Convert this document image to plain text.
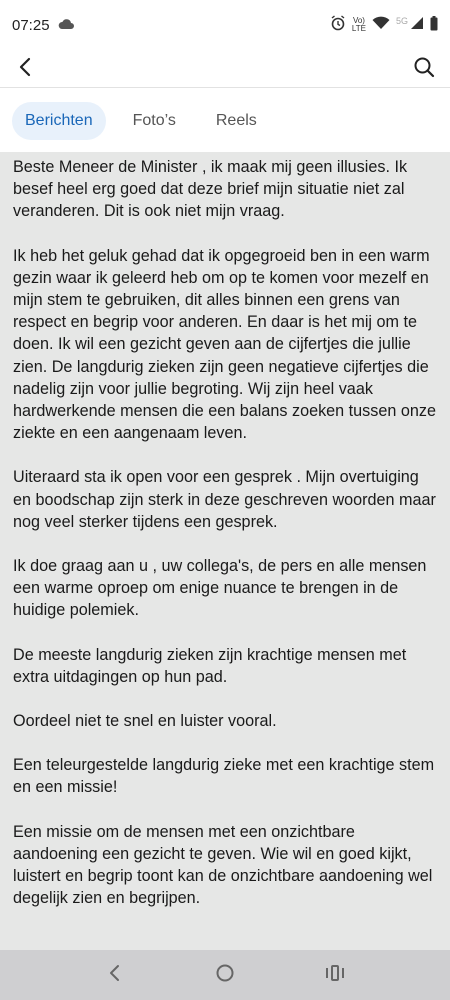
07:25	Vo)
LTE
5G
Berichten	Foto’s	Reels

Beste Meneer de Minister , ik maak mij geen illusies. Ik besef heel erg goed dat deze brief mijn situatie niet zal veranderen. Dit is ook niet mijn vraag.

Ik heb het geluk gehad dat ik opgegroeid ben in een warm gezin waar ik geleerd heb om op te komen voor mezelf en mijn stem te gebruiken, dit alles binnen een grens van respect en begrip voor anderen. En daar is het mij om te doen. Ik wil een gezicht geven aan de cijfertjes die jullie zien. De langdurig zieken zijn geen negatieve cijfertjes die nadelig zijn voor jullie begroting. Wij zijn heel vaak hardwerkende mensen die een balans zoeken tussen onze ziekte en een aangenaam leven.

Uiteraard sta ik open voor een gesprek . Mijn overtuiging en boodschap zijn sterk in deze geschreven woorden maar nog veel sterker tijdens een gesprek.

Ik doe graag aan u , uw collega's, de pers en alle mensen een warme oproep om enige nuance te brengen in de huidige polemiek.

De meeste langdurig zieken zijn krachtige mensen met extra uitdagingen op hun pad.

Oordeel niet te snel en luister vooral.

Een teleurgestelde langdurig zieke met een krachtige stem en een missie!

Een missie om de mensen met een onzichtbare aandoening een gezicht te geven. Wie wil en goed kijkt, luistert en begrip toont kan de onzichtbare aandoening wel degelijk zien en begrijpen.
